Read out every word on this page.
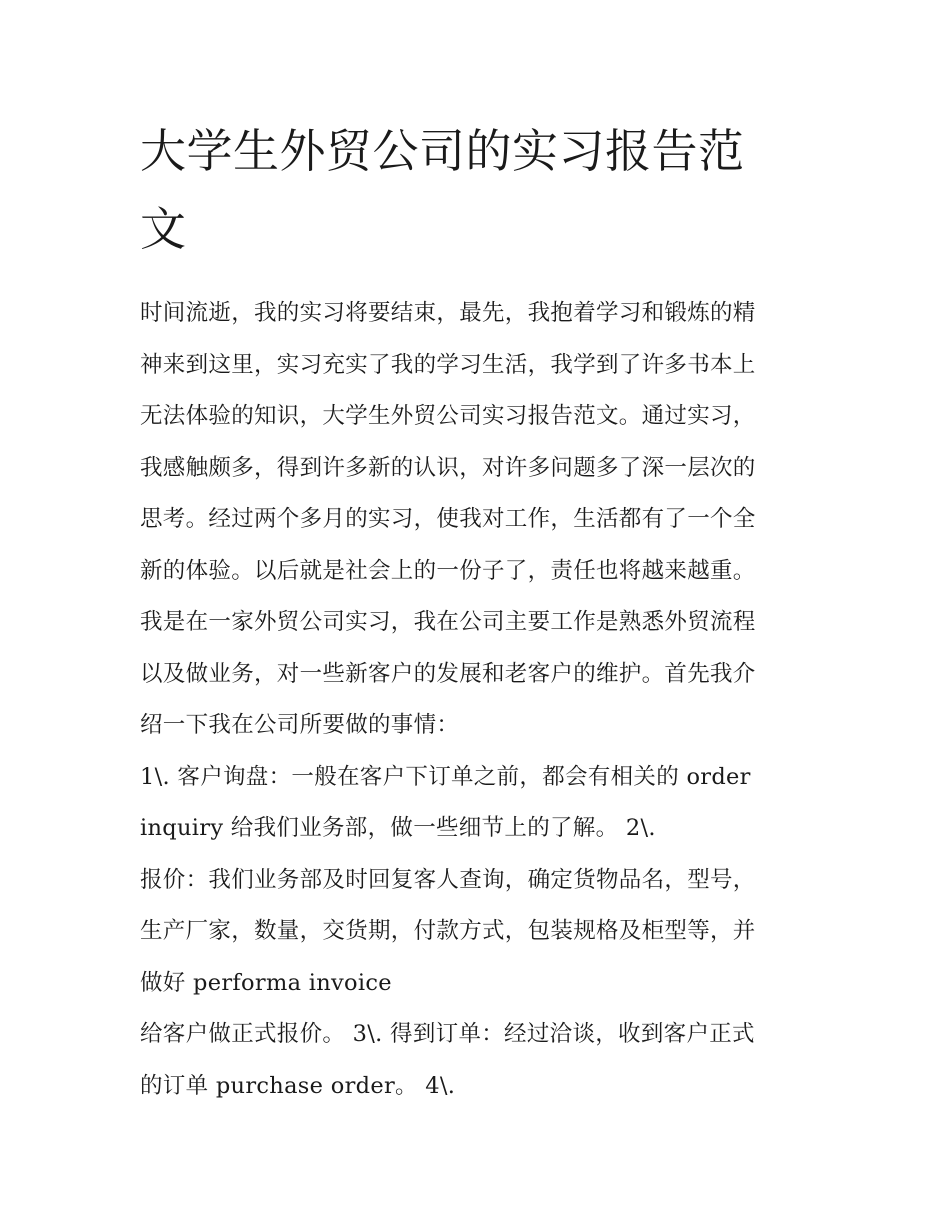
大学生外贸公司的实习报告范
文

时间流逝，我的实习将要结束，最先，我抱着学习和锻炼的精
神来到这里，实习充实了我的学习生活，我学到了许多书本上
无法体验的知识，大学生外贸公司实习报告范文。通过实习，
我感触颇多，得到许多新的认识，对许多问题多了深一层次的
思考。经过两个多月的实习，使我对工作，生活都有了一个全
新的体验。以后就是社会上的一份子了，责任也将越来越重。
我是在一家外贸公司实习，我在公司主要工作是熟悉外贸流程
以及做业务，对一些新客户的发展和老客户的维护。首先我介
绍一下我在公司所要做的事情：

1\. 客户询盘：一般在客户下订单之前，都会有相关的 order
inquiry 给我们业务部，做一些细节上的了解。 2\.

报价：我们业务部及时回复客人查询，确定货物品名，型号，
生产厂家，数量，交货期，付款方式，包装规格及柜型等，并
做好 performa invoice

给客户做正式报价。 3\. 得到订单：经过洽谈，收到客户正式
的订单 purchase order。 4\.
